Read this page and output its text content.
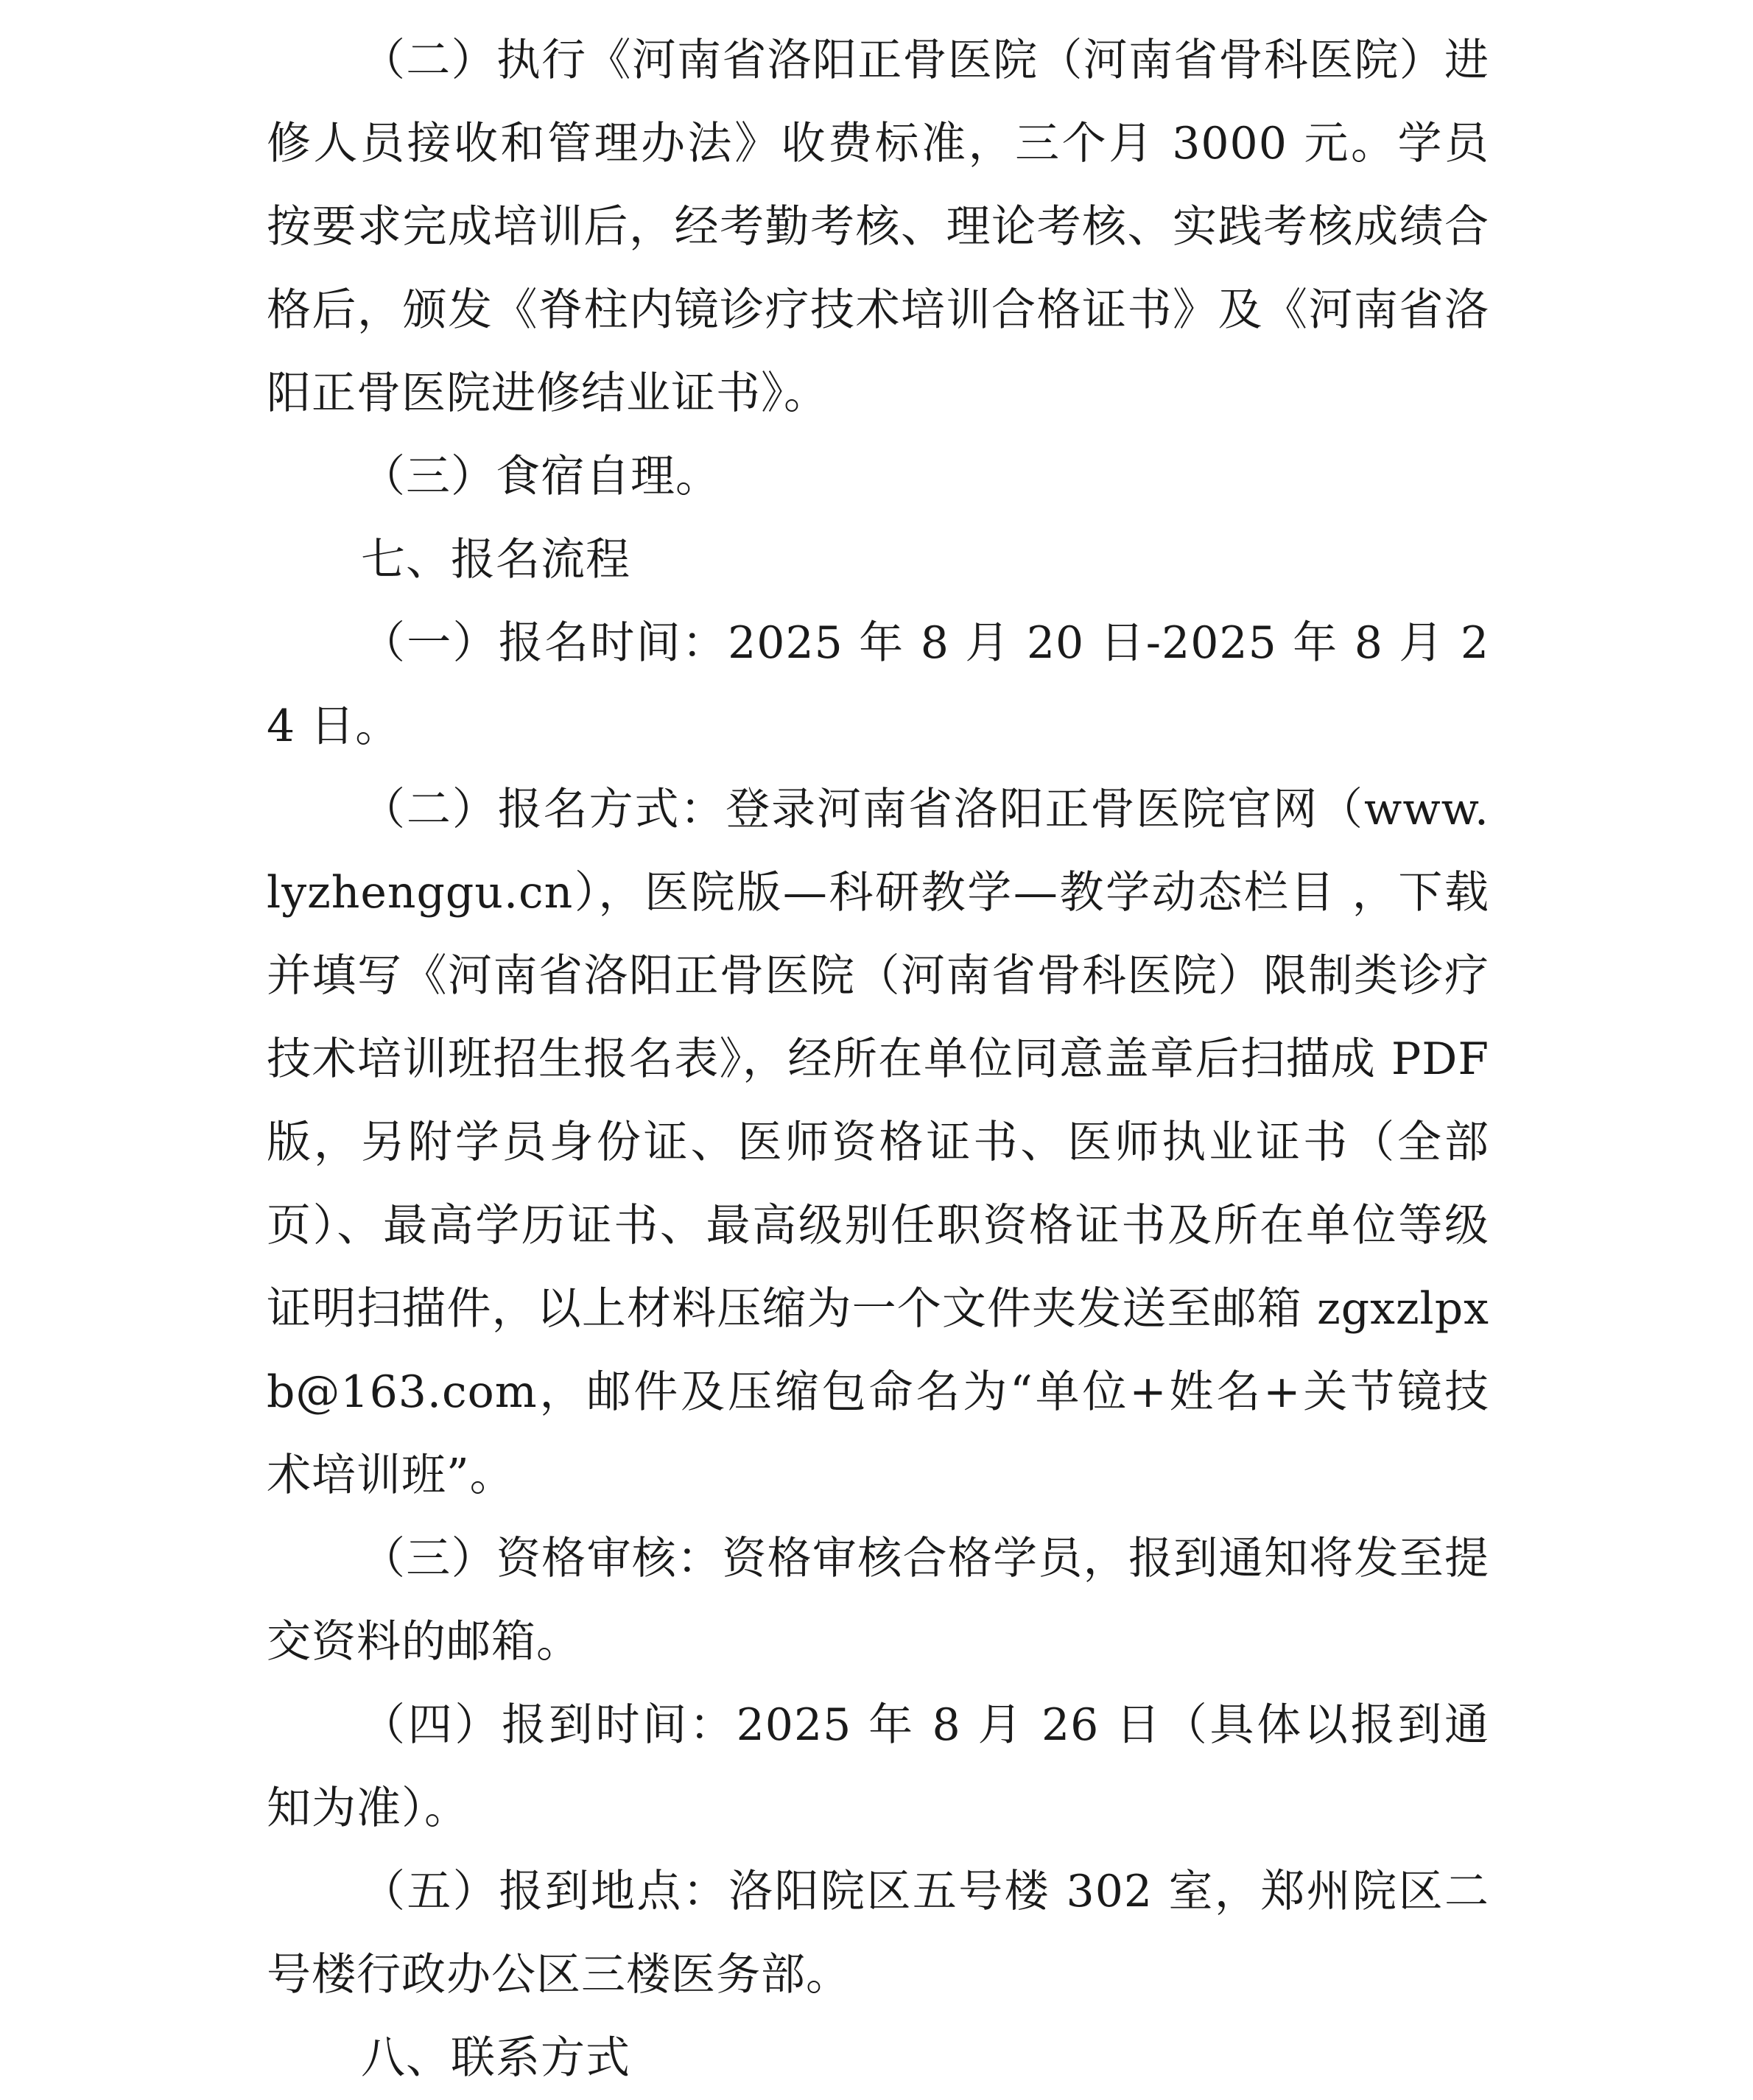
（二）执行《河南省洛阳正骨医院（河南省骨科医院）进修人员接收和管理办法》收费标准，三个月 3000 元。学员按要求完成培训后，经考勤考核、理论考核、实践考核成绩合格后，颁发《脊柱内镜诊疗技术培训合格证书》及《河南省洛阳正骨医院进修结业证书》。

（三）食宿自理。

七、报名流程

（一）报名时间：2025 年 8 月 20 日-2025 年 8 月 24 日。

（二）报名方式：登录河南省洛阳正骨医院官网（www.lyzhenggu.cn），医院版—科研教学—教学动态栏目 ，下载并填写《河南省洛阳正骨医院（河南省骨科医院）限制类诊疗技术培训班招生报名表》，经所在单位同意盖章后扫描成 PDF 版，另附学员身份证、医师资格证书、医师执业证书（全部页）、最高学历证书、最高级别任职资格证书及所在单位等级证明扫描件，以上材料压缩为一个文件夹发送至邮箱 zgxzlpxb@163.com，邮件及压缩包命名为“单位+姓名+关节镜技术培训班”。

（三）资格审核：资格审核合格学员，报到通知将发至提交资料的邮箱。

（四）报到时间：2025 年 8 月 26 日（具体以报到通知为准）。

（五）报到地点：洛阳院区五号楼 302 室，郑州院区二号楼行政办公区三楼医务部。

八、联系方式
